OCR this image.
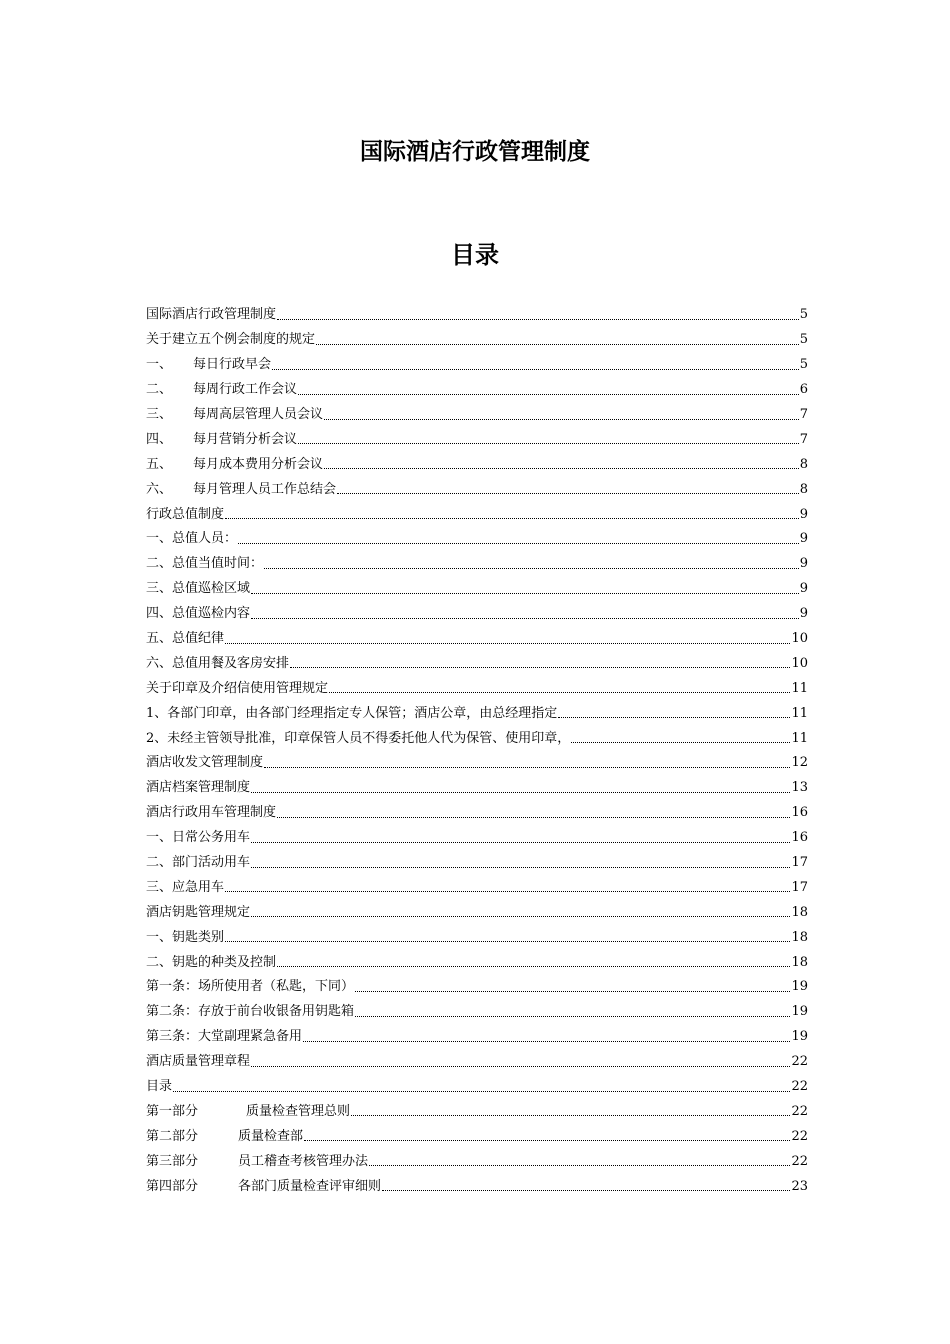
国际酒店行政管理制度
目录
国际酒店行政管理制度	5
关于建立五个例会制度的规定	5
一、 每日行政早会	5
二、 每周行政工作会议	6
三、 每周高层管理人员会议	7
四、 每月营销分析会议	7
五、 每月成本费用分析会议	8
六、 每月管理人员工作总结会	8
行政总值制度	9
一、总值人员：	9
二、总值当值时间：	9
三、总值巡检区域	9
四、总值巡检内容	9
五、总值纪律	10
六、总值用餐及客房安排	10
关于印章及介绍信使用管理规定	11
1、各部门印章，由各部门经理指定专人保管；酒店公章，由总经理指定	11
2、未经主管领导批准，印章保管人员不得委托他人代为保管、使用印章，	11
酒店收发文管理制度	12
酒店档案管理制度	13
酒店行政用车管理制度	16
一、日常公务用车	16
二、部门活动用车	17
三、应急用车	17
酒店钥匙管理规定	18
一、钥匙类别	18
二、钥匙的种类及控制	18
第一条：场所使用者（私匙，下同）	19
第二条：存放于前台收银备用钥匙箱	19
第三条：大堂副理紧急备用	19
酒店质量管理章程	22
目录	22
第一部分	质量检查管理总则	22
第二部分	质量检查部	22
第三部分	员工稽查考核管理办法	22
第四部分	各部门质量检查评审细则	23
